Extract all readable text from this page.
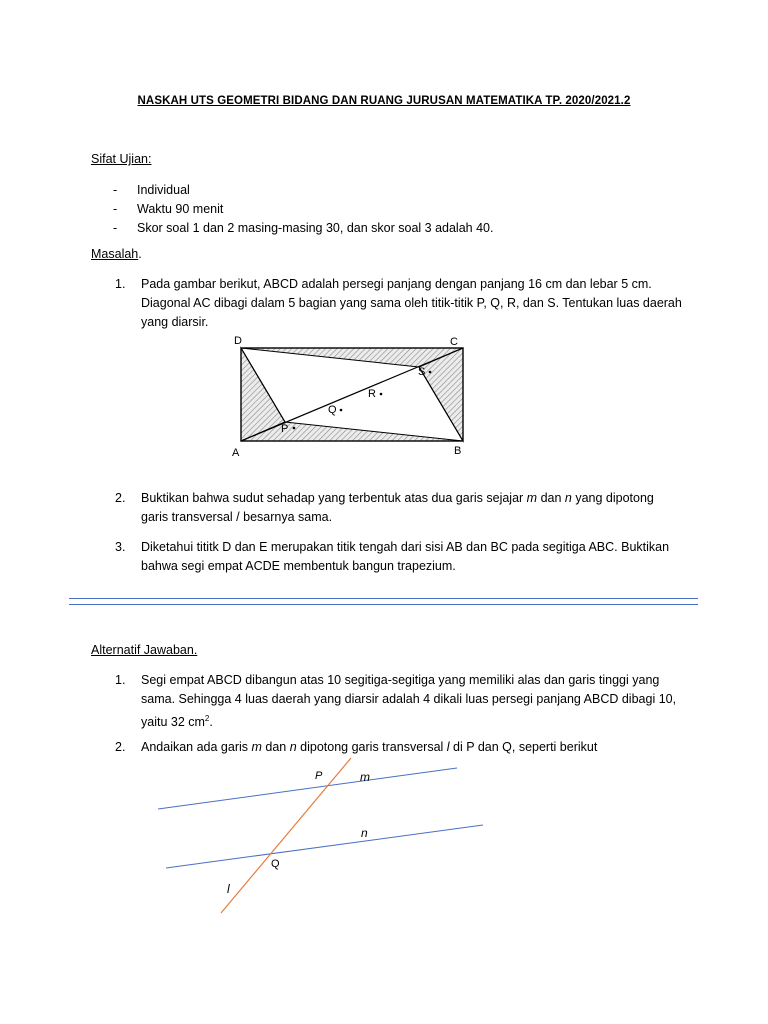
NASKAH UTS GEOMETRI BIDANG DAN RUANG JURUSAN MATEMATIKA TP. 2020/2021.2
Sifat Ujian:
-	Individual
-	Waktu 90 menit
-	Skor soal 1 dan 2 masing-masing 30, dan skor soal 3 adalah 40.
Masalah.
1.	Pada gambar berikut, ABCD adalah persegi panjang dengan panjang 16 cm dan lebar 5 cm.
Diagonal AC dibagi dalam 5 bagian yang sama oleh titik-titik P, Q, R, dan S. Tentukan luas daerah
yang diarsir.
D	C
A	B
P
Q
R
S
2.	Buktikan bahwa sudut sehadap yang terbentuk atas dua garis sejajar m dan n yang dipotong
garis transversal / besarnya sama.
3.	Diketahui tititk D dan E merupakan titik tengah dari sisi AB dan BC pada segitiga ABC. Buktikan
bahwa segi empat ACDE membentuk bangun trapezium.
Alternatif Jawaban.
1.	Segi empat ABCD dibangun atas 10 segitiga-segitiga yang memiliki alas dan garis tinggi yang
sama. Sehingga 4 luas daerah yang diarsir adalah 4 dikali luas persegi panjang ABCD dibagi 10,
yaitu 32 $cm^2$.
2.	Andaikan ada garis m dan n dipotong garis transversal l di P dan Q, seperti berikut
P	m
n
Q
l
